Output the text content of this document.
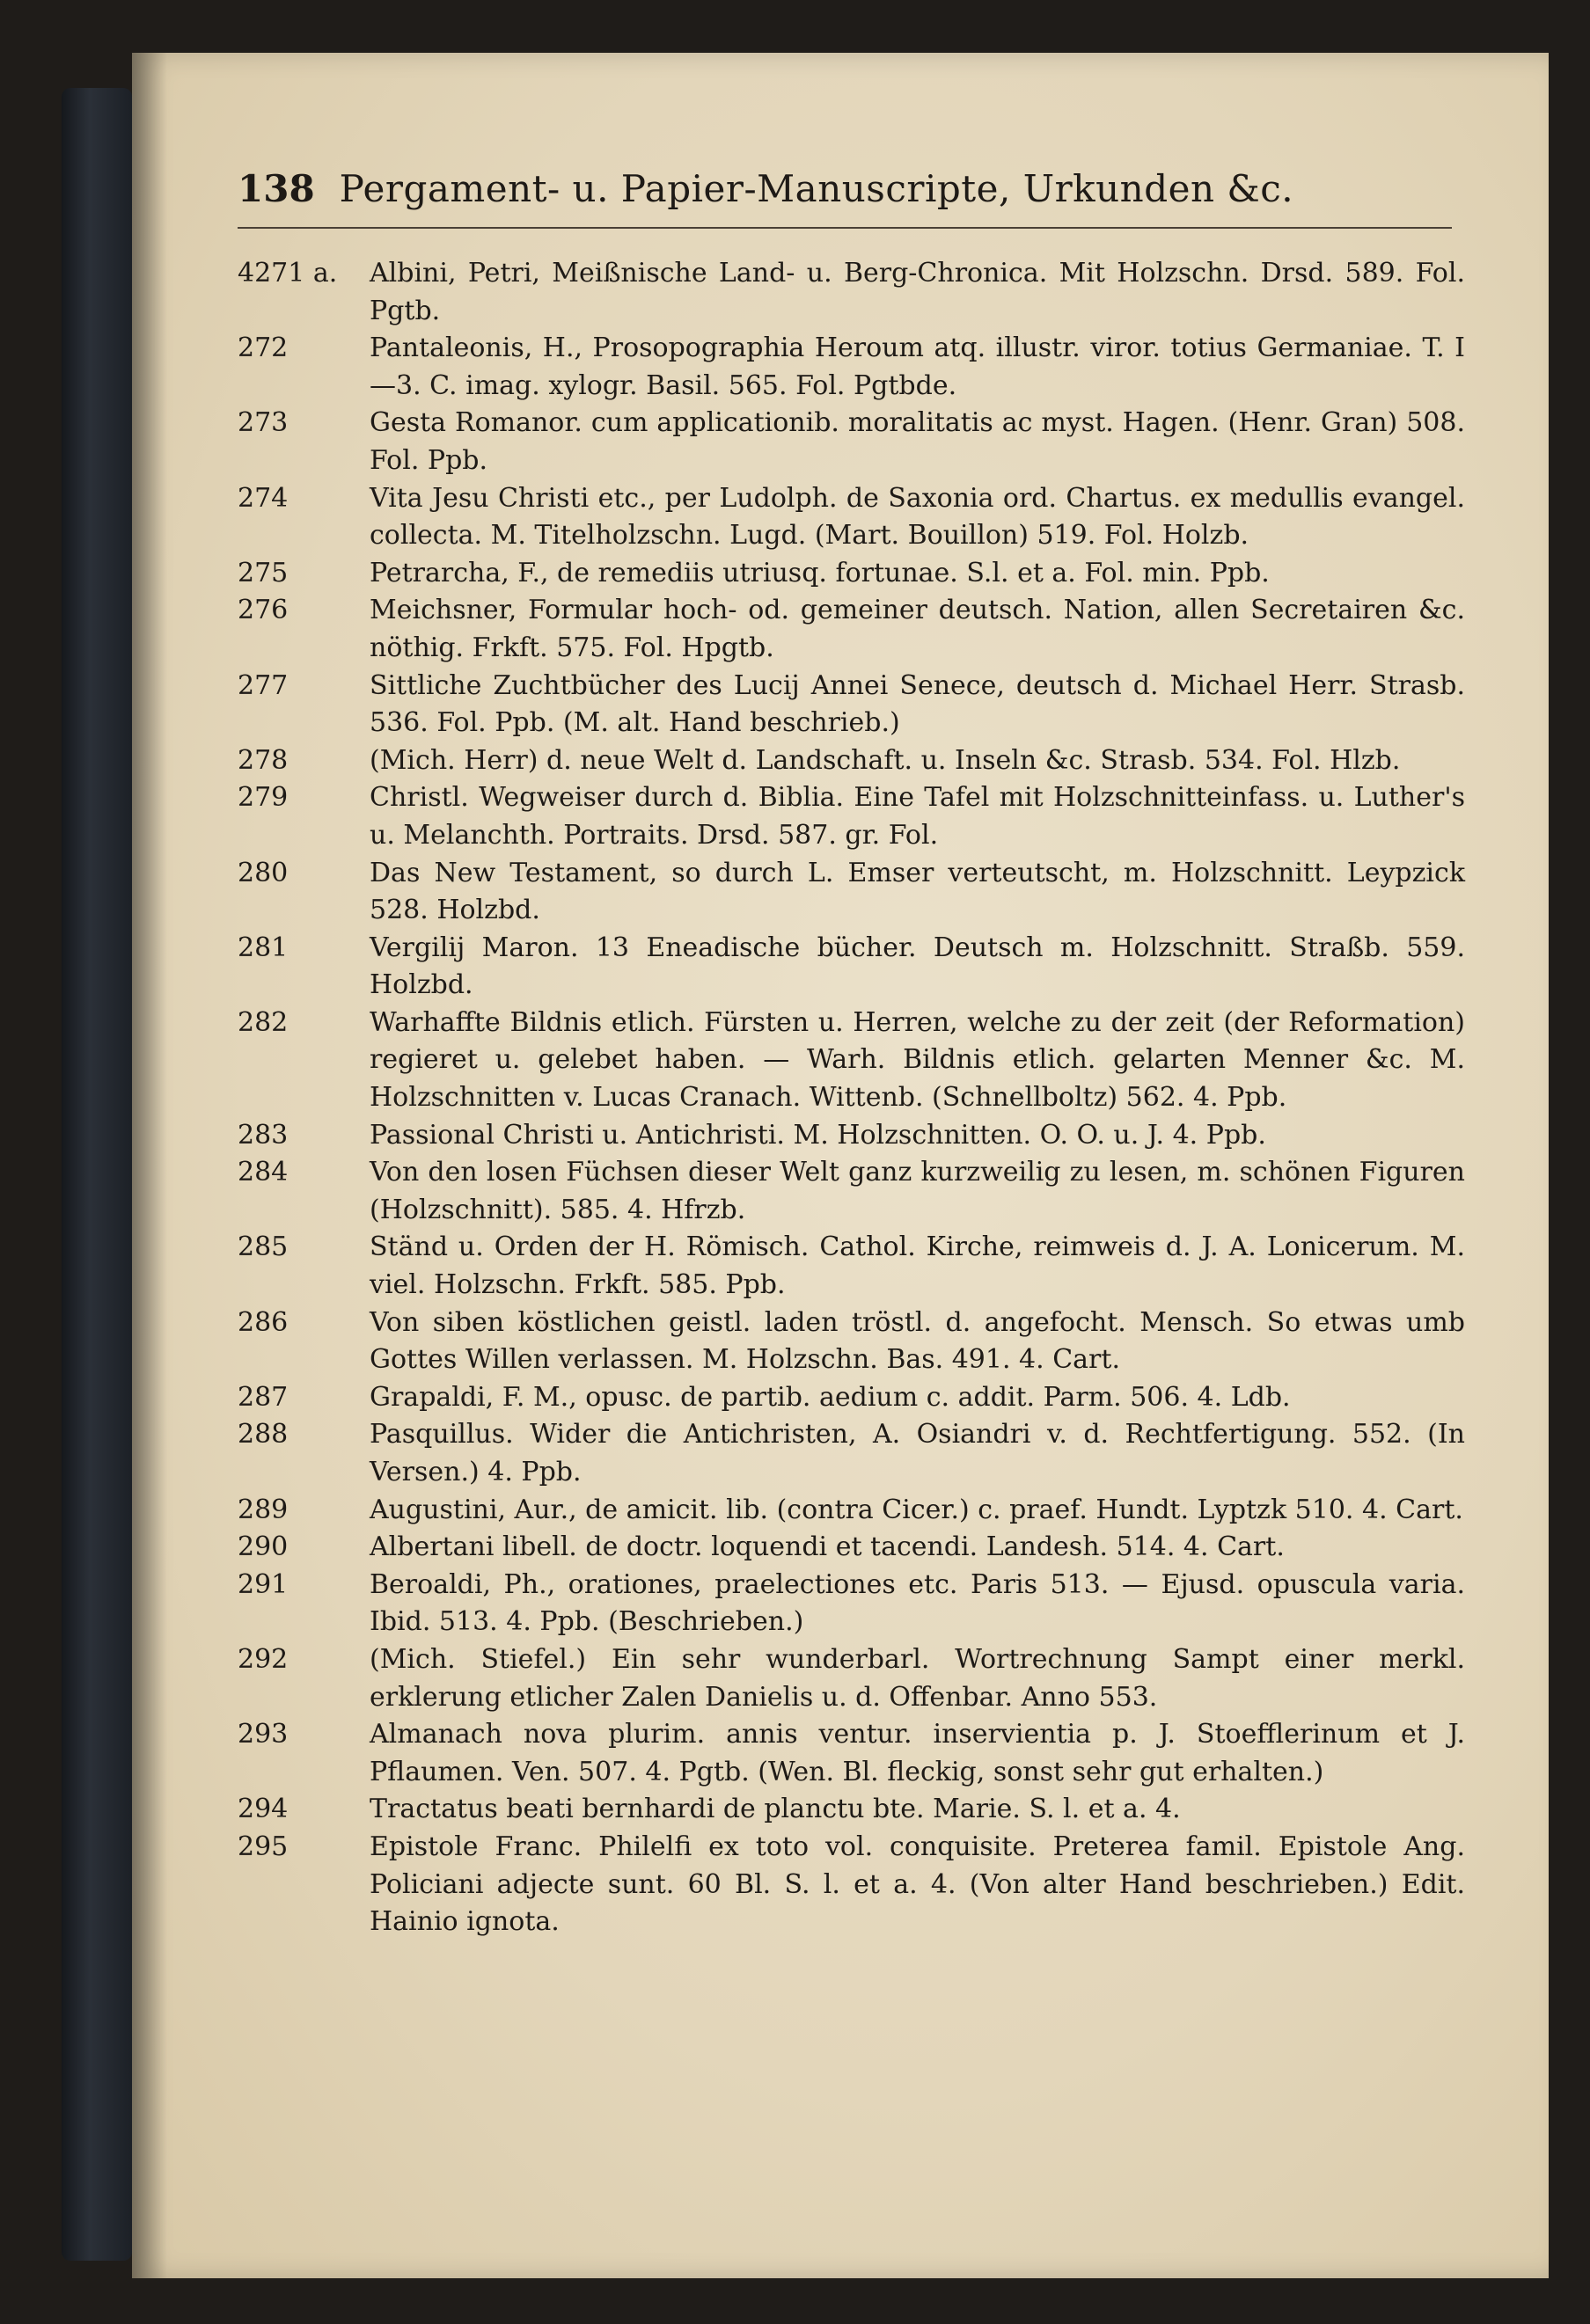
138 Pergament- u. Papier-Manuscripte, Urkunden &c.
4271 a.	Albini, Petri, Meißnische Land- u. Berg-Chronica. Mit Holzschn. Drsd. 589. Fol. Pgtb.
272	Pantaleonis, H., Prosopographia Heroum atq. illustr. viror. totius Germaniae. T. I—3. C. imag. xylogr. Basil. 565. Fol. Pgtbde.
273	Gesta Romanor. cum applicationib. moralitatis ac myst. Hagen. (Henr. Gran) 508. Fol. Ppb.
274	Vita Jesu Christi etc., per Ludolph. de Saxonia ord. Chartus. ex medullis evangel. collecta. M. Titelholzschn. Lugd. (Mart. Bouillon) 519. Fol. Holzb.
275	Petrarcha, F., de remediis utriusq. fortunae. S.l. et a. Fol. min. Ppb.
276	Meichsner, Formular hoch- od. gemeiner deutsch. Nation, allen Secretairen &c. nöthig. Frkft. 575. Fol. Hpgtb.
277	Sittliche Zuchtbücher des Lucij Annei Senece, deutsch d. Michael Herr. Strasb. 536. Fol. Ppb. (M. alt. Hand beschrieb.)
278	(Mich. Herr) d. neue Welt d. Landschaft. u. Inseln &c. Strasb. 534. Fol. Hlzb.
279	Christl. Wegweiser durch d. Biblia. Eine Tafel mit Holzschnitteinfass. u. Luther's u. Melanchth. Portraits. Drsd. 587. gr. Fol.
280	Das New Testament, so durch L. Emser verteutscht, m. Holzschnitt. Leypzick 528. Holzbd.
281	Vergilij Maron. 13 Eneadische bücher. Deutsch m. Holzschnitt. Straßb. 559. Holzbd.
282	Warhaffte Bildnis etlich. Fürsten u. Herren, welche zu der zeit (der Reformation) regieret u. gelebet haben. — Warh. Bildnis etlich. gelarten Menner &c. M. Holzschnitten v. Lucas Cranach. Wittenb. (Schnellboltz) 562. 4. Ppb.
283	Passional Christi u. Antichristi. M. Holzschnitten. O. O. u. J. 4. Ppb.
284	Von den losen Füchsen dieser Welt ganz kurzweilig zu lesen, m. schönen Figuren (Holzschnitt). 585. 4. Hfrzb.
285	Ständ u. Orden der H. Römisch. Cathol. Kirche, reimweis d. J. A. Lonicerum. M. viel. Holzschn. Frkft. 585. Ppb.
286	Von siben köstlichen geistl. laden tröstl. d. angefocht. Mensch. So etwas umb Gottes Willen verlassen. M. Holzschn. Bas. 491. 4. Cart.
287	Grapaldi, F. M., opusc. de partib. aedium c. addit. Parm. 506. 4. Ldb.
288	Pasquillus. Wider die Antichristen, A. Osiandri v. d. Rechtfertigung. 552. (In Versen.) 4. Ppb.
289	Augustini, Aur., de amicit. lib. (contra Cicer.) c. praef. Hundt. Lyptzk 510. 4. Cart.
290	Albertani libell. de doctr. loquendi et tacendi. Landesh. 514. 4. Cart.
291	Beroaldi, Ph., orationes, praelectiones etc. Paris 513. — Ejusd. opuscula varia. Ibid. 513. 4. Ppb. (Beschrieben.)
292	(Mich. Stiefel.) Ein sehr wunderbarl. Wortrechnung Sampt einer merkl. erklerung etlicher Zalen Danielis u. d. Offenbar. Anno 553.
293	Almanach nova plurim. annis ventur. inservientia p. J. Stoefflerinum et J. Pflaumen. Ven. 507. 4. Pgtb. (Wen. Bl. fleckig, sonst sehr gut erhalten.)
294	Tractatus beati bernhardi de planctu bte. Marie. S. l. et a. 4.
295	Epistole Franc. Philelfi ex toto vol. conquisite. Preterea famil. Epistole Ang. Policiani adjecte sunt. 60 Bl. S. l. et a. 4. (Von alter Hand beschrieben.) Edit. Hainio ignota.
